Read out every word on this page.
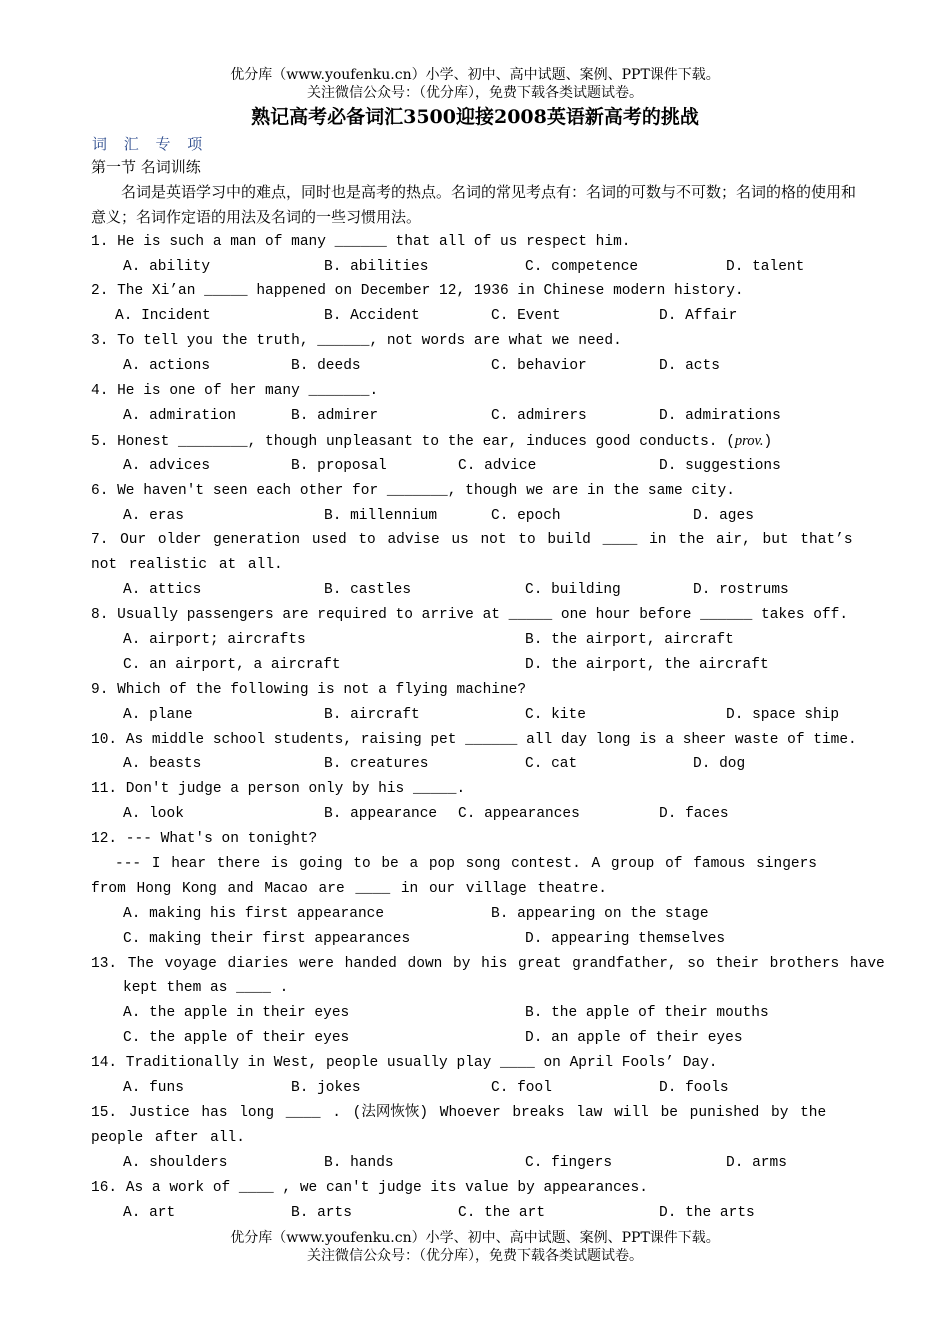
优分库（www.youfenku.cn）小学、初中、高中试题、案例、PPT课件下载。
关注微信公众号：（优分库），免费下载各类试题试卷。
熟记高考必备词汇3500迎接2008英语新高考的挑战
词 汇 专 项
第一节 名词训练
名词是英语学习中的难点，同时也是高考的热点。名词的常见考点有：名词的可数与不可数；名词的格的使用和意义；名词作定语的用法及名词的一些习惯用法。
1. He is such a man of many ______ that all of us respect him.
A. ability	B. abilities	C. competence	D. talent
2. The Xi’an _____ happened on December 12, 1936 in Chinese modern history.
A. Incident	B. Accident	C. Event	D. Affair
3. To tell you the truth, ______, not words are what we need.
A. actions	B. deeds	C. behavior	D. acts
4. He is one of her many _______.
A. admiration	B. admirer	C. admirers	D. admirations
5. Honest ________, though unpleasant to the ear, induces good conducts. (prov.)
A. advices	B. proposal	C. advice	D. suggestions
6. We haven't seen each other for _______, though we are in the same city.
A. eras	B. millennium	C. epoch	D. ages
7. Our older generation used to advise us not to build ____ in the air, but that’s not realistic at all.
A. attics	B. castles	C. building	D. rostrums
8. Usually passengers are required to arrive at _____ one hour before ______ takes off.
A. airport; aircrafts	B. the airport, aircraft
C. an airport, a aircraft	D. the airport, the aircraft
9. Which of the following is not a flying machine?
A. plane	B. aircraft	C. kite	D. space ship
10. As middle school students, raising pet ______ all day long is a sheer waste of time.
A. beasts	B. creatures	C. cat	D. dog
11. Don't judge a person only by his _____.
A. look	B. appearance C. appearances	D. faces
12. --- What's on tonight?
--- I hear there is going to be a pop song contest. A group of famous singers from Hong Kong and Macao are ____ in our village theatre.
A. making his first appearance	B. appearing on the stage
C. making their first appearances	D. appearing themselves
13. The voyage diaries were handed down by his great grandfather, so their brothers have
kept them as ____ .
A. the apple in their eyes	B. the apple of their mouths
C. the apple of their eyes	D. an apple of their eyes
14. Traditionally in West, people usually play ____ on April Fools’ Day.
A. funs	B. jokes	C. fool	D. fools
15. Justice has long ____ . (法网恢恢) Whoever breaks law will be punished by the people after all.
A. shoulders	B. hands	C. fingers	D. arms
16. As a work of ____ , we can't judge its value by appearances.
A. art	B. arts	C. the art	D. the arts
优分库（www.youfenku.cn）小学、初中、高中试题、案例、PPT课件下载。
关注微信公众号：（优分库），免费下载各类试题试卷。
